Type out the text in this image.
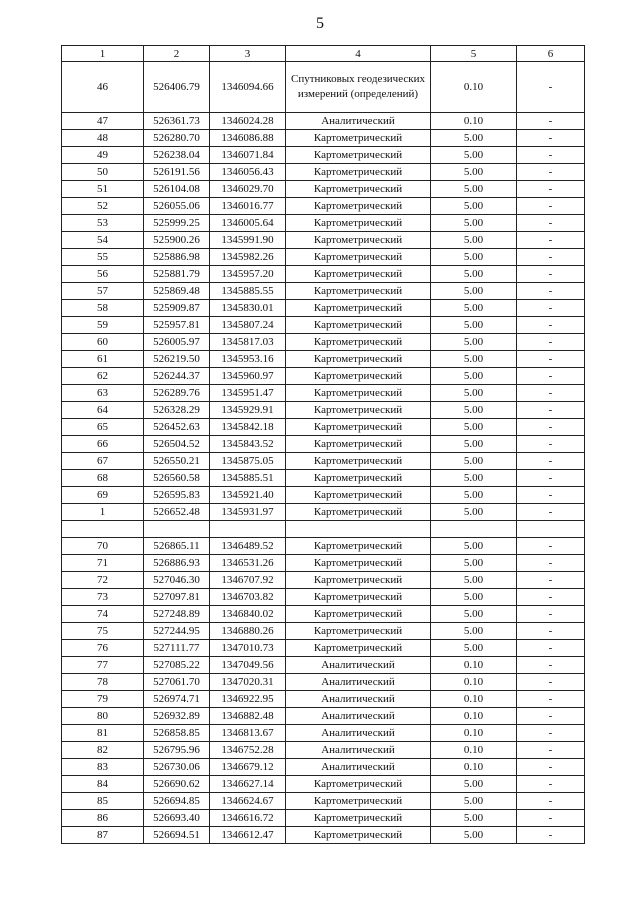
5
1	2	3	4	5	6
46	526406.79	1346094.66	Спутниковых геодезических измерений (определений)	0.10	-
47	526361.73	1346024.28	Аналитический	0.10	-
48	526280.70	1346086.88	Картометрический	5.00	-
49	526238.04	1346071.84	Картометрический	5.00	-
50	526191.56	1346056.43	Картометрический	5.00	-
51	526104.08	1346029.70	Картометрический	5.00	-
52	526055.06	1346016.77	Картометрический	5.00	-
53	525999.25	1346005.64	Картометрический	5.00	-
54	525900.26	1345991.90	Картометрический	5.00	-
55	525886.98	1345982.26	Картометрический	5.00	-
56	525881.79	1345957.20	Картометрический	5.00	-
57	525869.48	1345885.55	Картометрический	5.00	-
58	525909.87	1345830.01	Картометрический	5.00	-
59	525957.81	1345807.24	Картометрический	5.00	-
60	526005.97	1345817.03	Картометрический	5.00	-
61	526219.50	1345953.16	Картометрический	5.00	-
62	526244.37	1345960.97	Картометрический	5.00	-
63	526289.76	1345951.47	Картометрический	5.00	-
64	526328.29	1345929.91	Картометрический	5.00	-
65	526452.63	1345842.18	Картометрический	5.00	-
66	526504.52	1345843.52	Картометрический	5.00	-
67	526550.21	1345875.05	Картометрический	5.00	-
68	526560.58	1345885.51	Картометрический	5.00	-
69	526595.83	1345921.40	Картометрический	5.00	-
1	526652.48	1345931.97	Картометрический	5.00	-

70	526865.11	1346489.52	Картометрический	5.00	-
71	526886.93	1346531.26	Картометрический	5.00	-
72	527046.30	1346707.92	Картометрический	5.00	-
73	527097.81	1346703.82	Картометрический	5.00	-
74	527248.89	1346840.02	Картометрический	5.00	-
75	527244.95	1346880.26	Картометрический	5.00	-
76	527111.77	1347010.73	Картометрический	5.00	-
77	527085.22	1347049.56	Аналитический	0.10	-
78	527061.70	1347020.31	Аналитический	0.10	-
79	526974.71	1346922.95	Аналитический	0.10	-
80	526932.89	1346882.48	Аналитический	0.10	-
81	526858.85	1346813.67	Аналитический	0.10	-
82	526795.96	1346752.28	Аналитический	0.10	-
83	526730.06	1346679.12	Аналитический	0.10	-
84	526690.62	1346627.14	Картометрический	5.00	-
85	526694.85	1346624.67	Картометрический	5.00	-
86	526693.40	1346616.72	Картометрический	5.00	-
87	526694.51	1346612.47	Картометрический	5.00	-
